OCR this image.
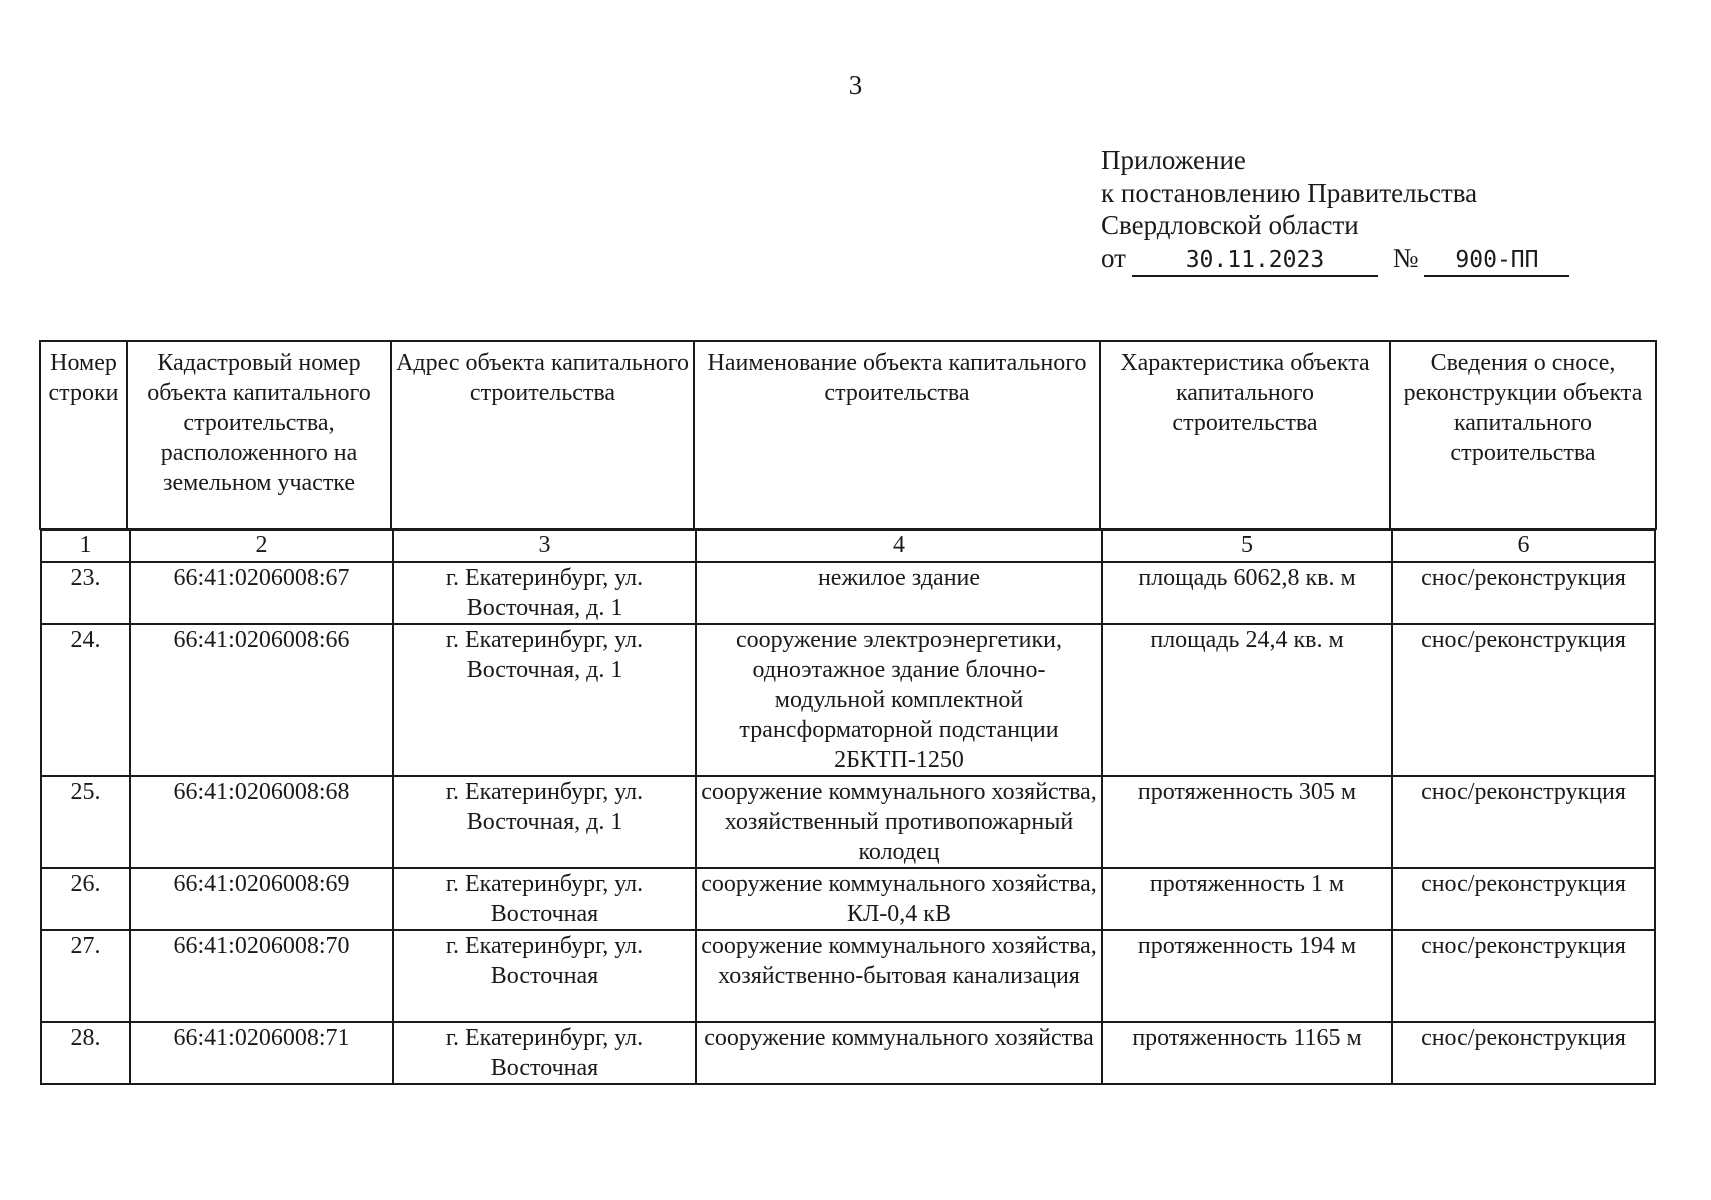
3
Приложение
к постановлению Правительства
Свердловской области
от	30.11.2023	№ 900-ПП
Номер строки	Кадастровый номер объекта капитального строительства, расположенного на земельном участке	Адрес объекта капитального строительства	Наименование объекта капитального строительства	Характеристика объекта капитального строительства	Сведения о сносе, реконструкции объекта капитального строительства
1	2	3	4	5	6
23.	66:41:0206008:67	г. Екатеринбург, ул. Восточная, д. 1	нежилое здание	площадь 6062,8 кв. м	снос/реконструкция
24.	66:41:0206008:66	г. Екатеринбург, ул. Восточная, д. 1	сооружение электроэнергетики, одноэтажное здание блочно-модульной комплектной трансформаторной подстанции 2БКТП-1250	площадь 24,4 кв. м	снос/реконструкция
25.	66:41:0206008:68	г. Екатеринбург, ул. Восточная, д. 1	сооружение коммунального хозяйства, хозяйственный противопожарный колодец	протяженность 305 м	снос/реконструкция
26.	66:41:0206008:69	г. Екатеринбург, ул. Восточная	сооружение коммунального хозяйства, КЛ-0,4 кВ	протяженность 1 м	снос/реконструкция
27.	66:41:0206008:70	г. Екатеринбург, ул. Восточная	сооружение коммунального хозяйства, хозяйственно-бытовая канализация	протяженность 194 м	снос/реконструкция
28.	66:41:0206008:71	г. Екатеринбург, ул. Восточная	сооружение коммунального хозяйства	протяженность 1165 м	снос/реконструкция
